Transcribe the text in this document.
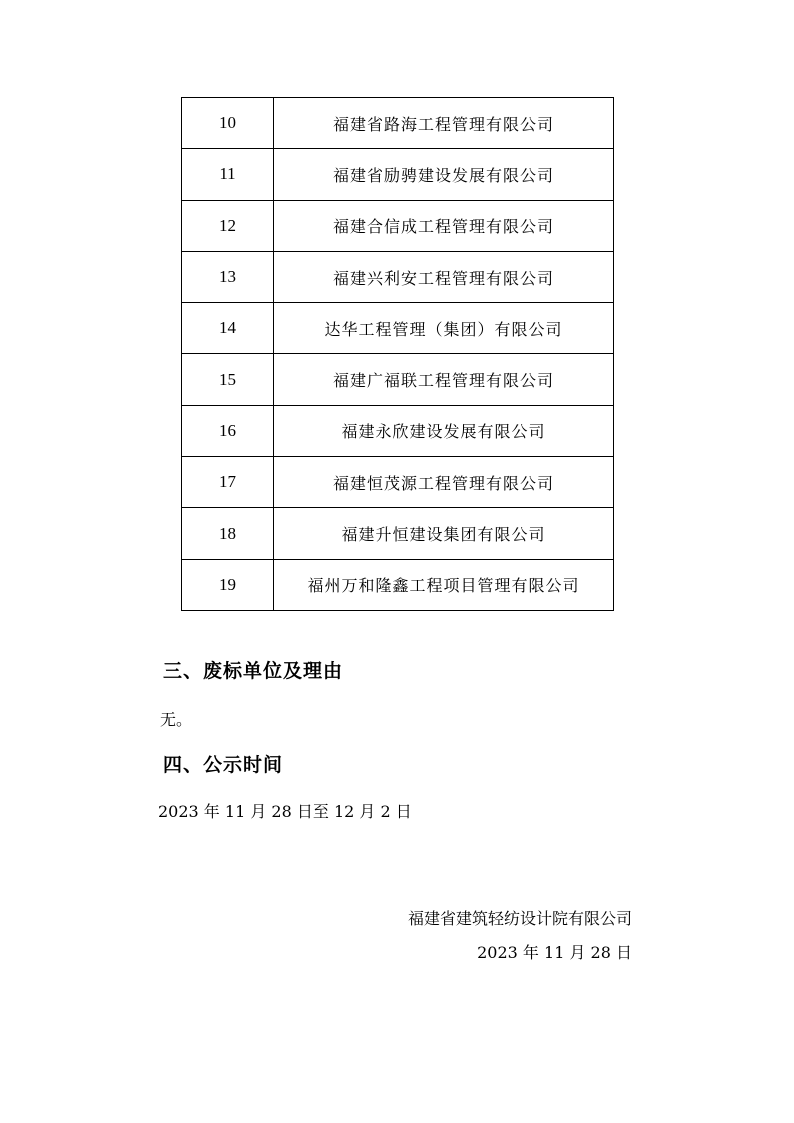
10	福建省路海工程管理有限公司
11	福建省励骋建设发展有限公司
12	福建合信成工程管理有限公司
13	福建兴利安工程管理有限公司
14	达华工程管理（集团）有限公司
15	福建广福联工程管理有限公司
16	福建永欣建设发展有限公司
17	福建恒茂源工程管理有限公司
18	福建升恒建设集团有限公司
19	福州万和隆鑫工程项目管理有限公司
三、废标单位及理由
无。
四、公示时间
2023 年 11 月 28 日至 12 月 2 日
福建省建筑轻纺设计院有限公司
2023 年 11 月 28 日
